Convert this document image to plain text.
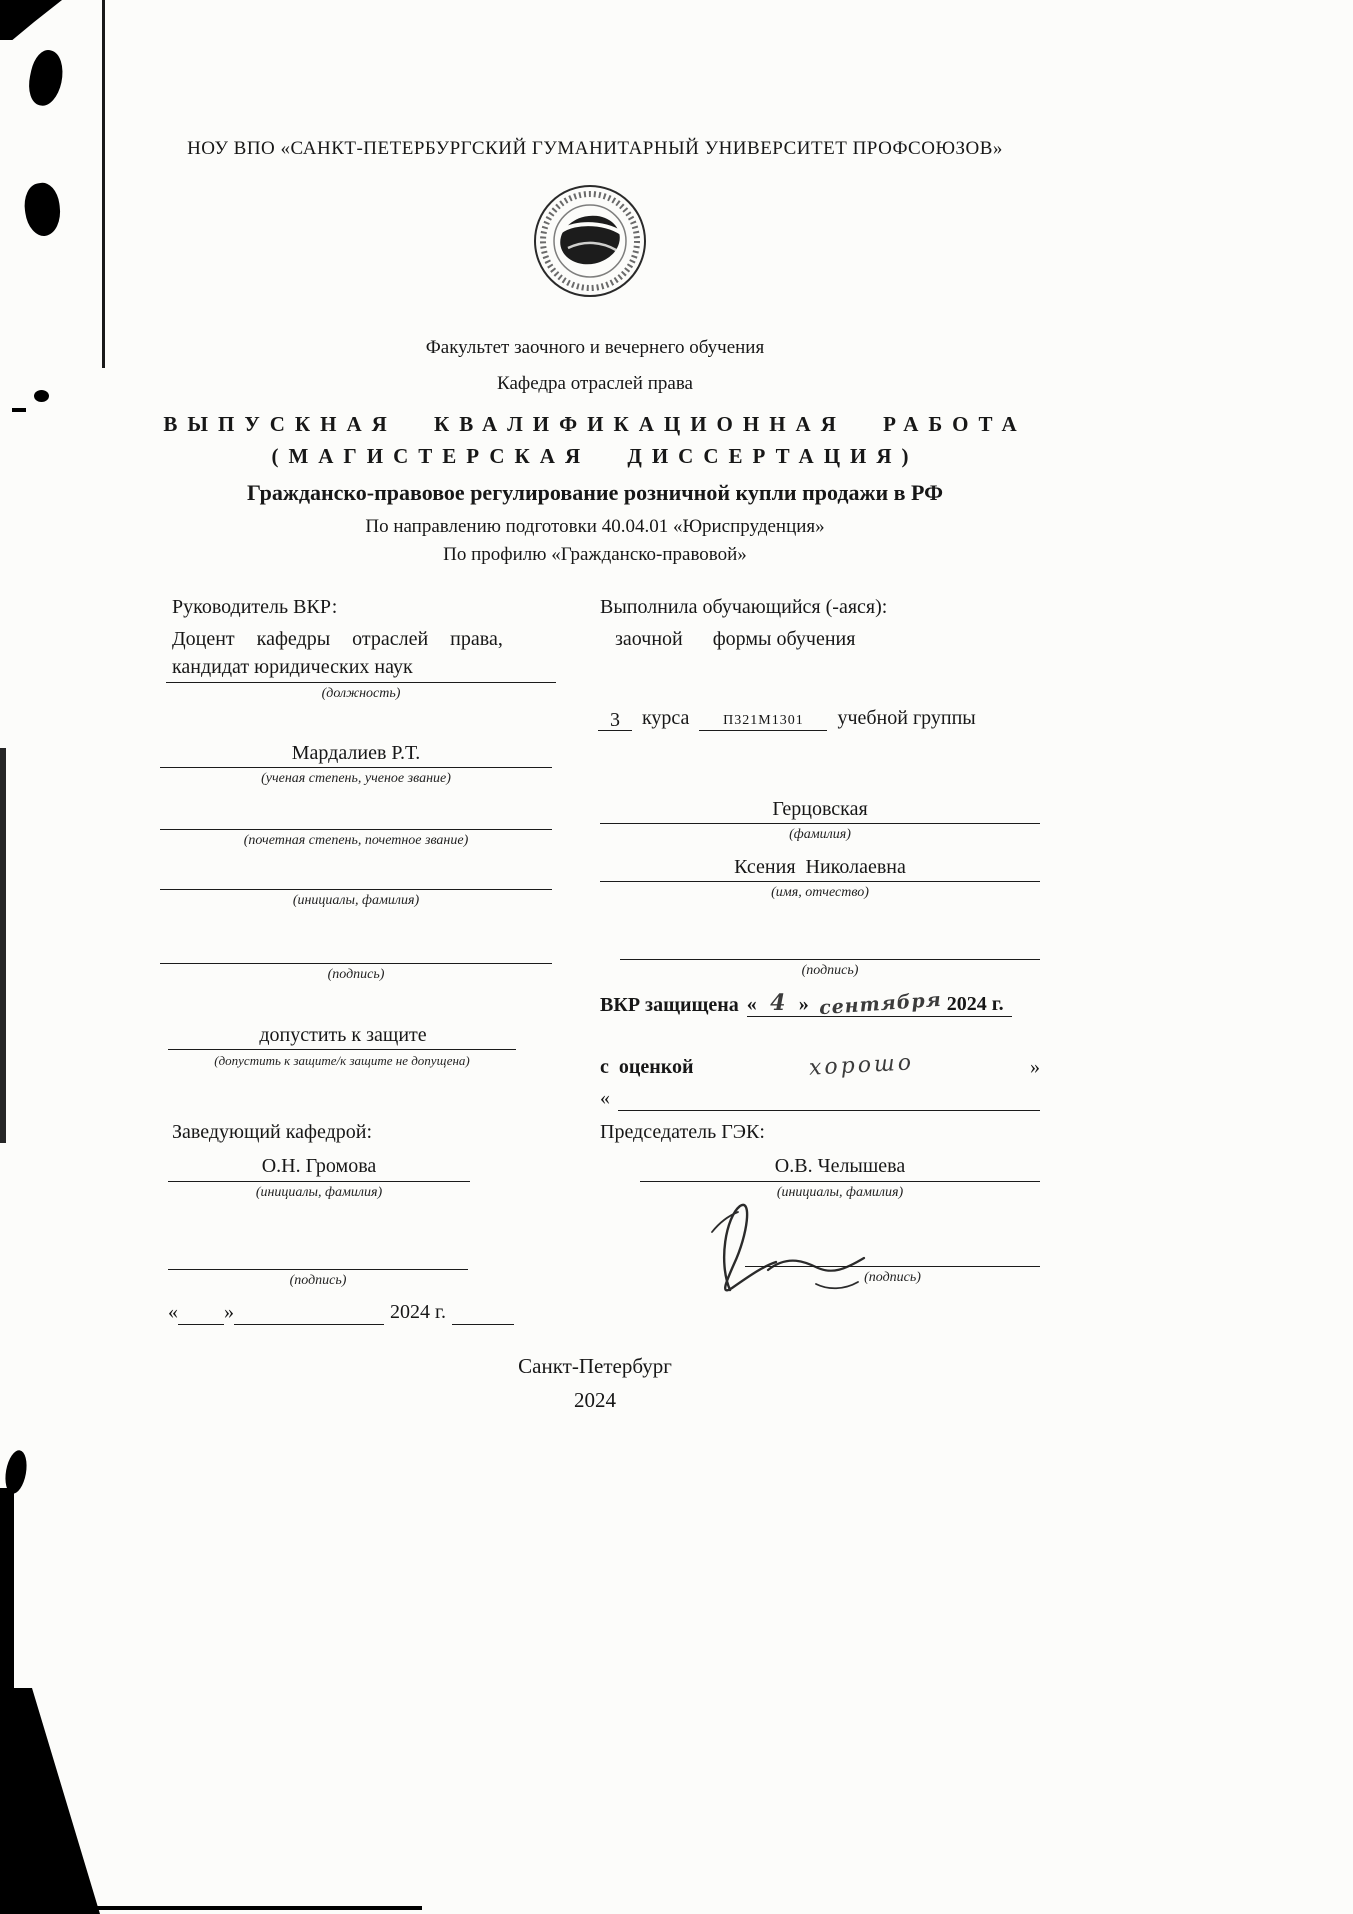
НОУ ВПО «САНКТ-ПЕТЕРБУРГСКИЙ ГУМАНИТАРНЫЙ УНИВЕРСИТЕТ ПРОФСОЮЗОВ»
Факультет заочного и вечернего обучения
Кафедра отраслей права
ВЫПУСКНАЯ КВАЛИФИКАЦИОННАЯ РАБОТА
(МАГИСТЕРСКАЯ ДИССЕРТАЦИЯ)
Гражданско-правовое регулирование розничной купли продажи в РФ
По направлению подготовки 40.04.01 «Юриспруденция»
По профилю «Гражданско-правовой»
Руководитель ВКР:
Доцент  кафедры  отраслей  права,
кандидат юридических наук
(должность)
Мардалиев Р.Т.
(ученая степень, ученое звание)
(почетная степень, почетное звание)
(инициалы, фамилия)
(подпись)
допустить к защите
(допустить к защите/к защите не допущена)
Заведующий кафедрой:
О.Н. Громова
(инициалы, фамилия)
(подпись)
« »	2024 г.
Выполнила обучающийся (-аяся):
заочной      формы обучения
3	курса	П321М1301	учебной группы
Герцовская
(фамилия)
Ксения  Николаевна
(имя, отчество)
(подпись)
ВКР защищена « 4 » сентября 2024 г.
с  оценкой	хорошо	»
«
Председатель ГЭК:
О.В. Челышева
(инициалы, фамилия)
(подпись)
Санкт-Петербург
2024
